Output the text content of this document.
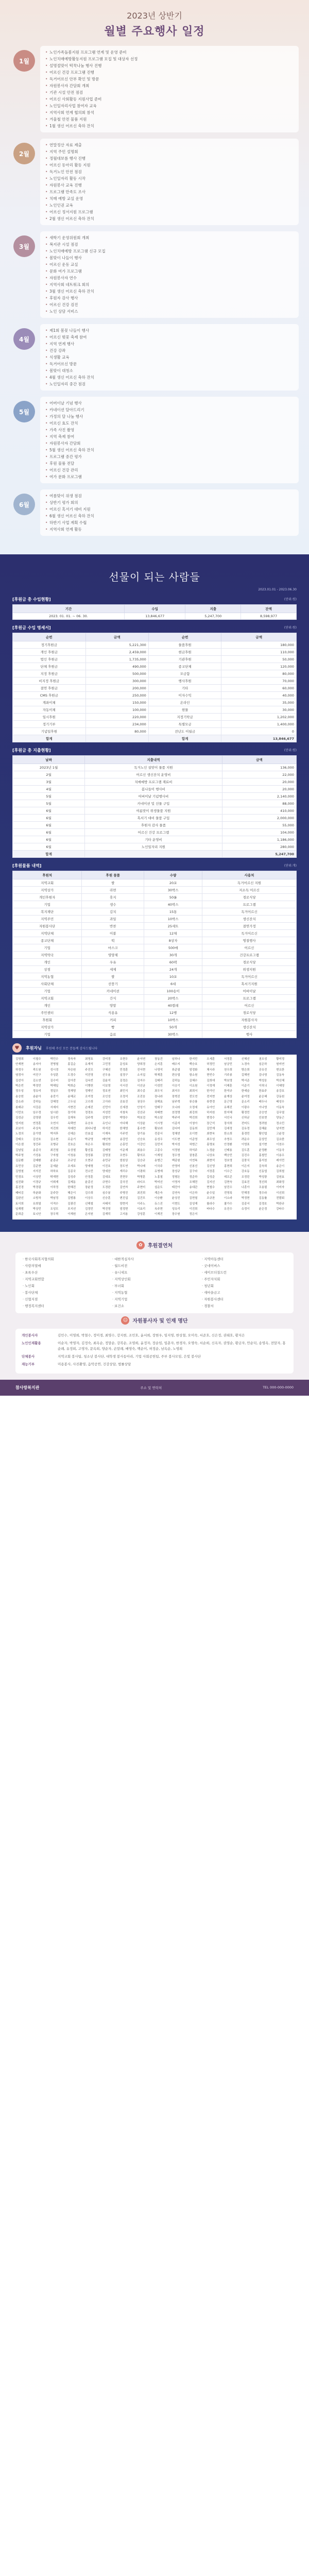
2023년 상반기
월별 주요행사 일정
1월
• 노인가족돌봄지원 프로그램 연계 및 운영 준비
• 노인치매예방활동지원 프로그램 모집 및 대상자 선정
• 설명절맞이 떡꾹나눔 행사 진행
• 어르신 건강 프로그램 진행
• 독거어르신 안부 확인 및 방문
• 자원봉사자 간담회 개최
• 기관 시설 안전 점검
• 어르신 사회활동 지원사업 준비
• 노인일자리사업 참여자 교육
• 지역사회 연계 협의회 참석
• 겨울철 안전 물품 지원
• 1월 생신 어르신 축하 잔치
2월
• 연말정산 자료 제출
• 지역 주민 설명회
• 정월대보름 행사 진행
• 어르신 동아리 활동 지원
• 독거노인 안전 점검
• 노인일자리 활동 시작
• 자원봉사 교육 진행
• 프로그램 만족도 조사
• 치매 예방 교실 운영
• 노인인권 교육
• 어르신 정서지원 프로그램
• 2월 생신 어르신 축하 잔치
3월
• 새학기 운영위원회 개최
• 복지관 시설 점검
• 노인치매예방 프로그램 신규 모집
• 봄맞이 나들이 행사
• 어르신 운동 교실
• 문화 여가 프로그램
• 자원봉사자 연수
• 지역사회 네트워크 회의
• 3월 생신 어르신 축하 잔치
• 후원자 감사 행사
• 어르신 건강 검진
• 노인 상담 서비스
4월
• 제1회 봄꽃 나들이 행사
• 어르신 벚꽃 축제 참여
• 지역 연계 행사
• 건강 강좌
• 식생활 교육
• 독거어르신 방문
• 봄맞이 대청소
• 4월 생신 어르신 축하 잔치
• 노인일자리 중간 점검
5월
• 어버이날 기념 행사
• 카네이션 달아드리기
• 가정의 달 나눔 행사
• 어르신 효도 잔치
• 가족 사진 촬영
• 지역 축제 참여
• 자원봉사자 간담회
• 5월 생신 어르신 축하 잔치
• 프로그램 중간 평가
• 후원 물품 전달
• 어르신 건강 관리
• 여가 문화 프로그램
6월
• 여름맞이 위생 점검
• 상반기 평가 회의
• 어르신 혹서기 대비 지원
• 6월 생신 어르신 축하 잔치
• 하반기 사업 계획 수립
• 지역사회 연계 활동
선물이 되는 사람들
2023.01.01 - 2023.06.30
[후원금 총 수입현황]	(단위:원)
기간	수입	지출	잔액
2023. 01. 01. ~ 06. 30.	13,846,677	5,247,700	8,598,977
[후원금 수입 명세서]	(단위:원)
순번	금액	순번	금액
정기후원금	5,221,300	물품후원	180,000
개인 후원금	2,459,000	현금후원	110,000
법인 후원금	1,735,000	기관후원	50,000
단체 후원금	490,000	종교단체	120,000
지정 후원금	500,000	모금함	80,000
비지정 후원금	300,000	행사후원	70,000
결연 후원금	200,000	기타	60,000
CMS 후원금	250,000	이자수익	40,000
계좌이체	150,000	온라인	35,000
자동이체	100,000	현물	30,000
일시후원	220,000	지정기탁금	1,202,000
정기기부	234,000	특별모금	1,400,000
기념일후원	80,000	전년도 이월금	0
합계		합계	13,846,677
[후원금 총 지출현황]	(단위:원)
날짜	지출내역	금액
2023년 1월	독거노인 설맞이 물품 지원	136,000
2월	어르신 생신잔치 운영비	22,000
3월	치매예방 프로그램 재료비	20,000
4월	봄나들이 행사비	20,000
5월	어버이날 기념행사비	2,140,000
5월	카네이션 및 선물 구입	88,000
6월	여름맞이 위생물품 지원	410,000
6월	혹서기 대비 물품 구입	2,000,000
6월	후원자 감사 물품	55,000
6월	어르신 건강 프로그램	104,000
6월	기타 운영비	1,186,000
6월	노인일자리 지원	280,000
합계		5,247,700
[후원물품 내역]	(단위:개)
후원처	후원 물품	수량	사용처
지역교회	쌀	20포	독거어르신 지원
지역상가	라면	30박스	저소득 어르신
개인후원자	휴지	50롤	경로식당
기업	생수	40박스	프로그램
복지재단	김치	15통	독거어르신
지역주민	과일	10박스	생신잔치
자원봉사단	반찬	25세트	결연가정
지역단체	이불	12채	독거어르신
종교단체	떡	8상자	명절행사
기업	마스크	500매	어르신
지역약국	영양제	30개	건강프로그램
개인	우유	60팩	경로식당
상점	세제	24개	위생지원
지역농협	쌀	10포	독거어르신
사회단체	선풍기	6대	혹서기지원
기업	카네이션	100송이	어버이날
지역교회	간식	20박스	프로그램
개인	양말	40켤레	어르신
주민센터	식용유	12병	경로식당
후원회	커피	10박스	자원봉사자
지역상가	빵	50개	생신잔치
기업	음료	30박스	행사
♥	후원자님 후원해 주신 모든 분들께 감사드립니다
김영희	이철수	박민수	정숙자	최영호	강미경	조현우	윤서연	장동건	임하나	한지민	오세훈	서정훈	신혜선	권오성	황미정
안재현	송지아	전병철	홍길순	유재석	고민정	문성호	양희경	손지훈	배수지	백승호	허정민	남궁민	노경숙	심은하	원미연
하정우	곽도원	성시경	차승원	주진모	구혜선	민경훈	진서현	나영석	류준열	엄정화	채시라	천우희	방은희	공유진	변요한
염정아	여진구	추성훈	도경수	석진영	선우용	설경구	소지섭	탁재훈	편승엽	함소원	현빈수	기주봉	길해연	김나영	김동욱
김선아	김소연	김수미	김아중	김옥빈	김윤석	김정은	김지수	김태리	김하늘	김혜수	김희애	박보영	박서준	박성웅	박신혜
박은빈	박정민	박해일	박희순	이병헌	이보영	이서진	이선균	이성민	이승기	이요원	이정재	이제훈	이준기	이하늬	이혜영
정우성	정유미	정일우	정재영	정해인	정호연	최민식	최수종	최우식	최지우	최희서	한가인	한석규	한예슬	한효주	송강호
송승헌	송윤아	송중기	송혜교	조여정	조인성	조정석	조진웅	장나라	장혁진	전도연	전지현	윤계상	윤여정	윤은혜	강동원
강소라	강하늘	강혜정	고두심	고수희	고아라	공효진	권상우	권해효	남주혁	류승룡	류현경	문근영	문소리	배두나	배성우
봉태규	서강준	서예지	서현진	손예진	신민아	신세경	안성기	엄태구	오나라	오정세	유아인	유해진	이광수	이나영	이동욱
이민호	임수정	임시완	장기하	정경호	지성민	지창욱	진선규	차태현	천정명	최강희	하지원	한지혜	황정민	공승연	김무열
김성균	김영광	김우빈	김재욱	김주혁	김향기	박명수	박보검	박소담	박주미	박진희	변정수	서인국	신하균	안보현	양동근
엄지원	연정훈	오연서	옥택연	유승호	유인나	이다해	이상윤	이시영	이종석	이청아	장근석	장서희	전미도	정려원	정소민
조보아	주상욱	지진희	차예련	최다니엘	하석진	한채영	홍수현	황보라	김다미	김동희	김민재	김세정	김유정	김혜윤	남지현
노정의	문가영	박지후	신예은	안효섭	이재욱	이주빈	장기용	전종서	정채연	조이현	최현욱	한소희	홍경민	황인엽	고윤정
강태오	김선호	김소현	로운기	박규영	배인혁	송강민	신승호	옹성우	이도현	이준영	최우성	추영우	려운수	문상민	김요한
이은샘	정건주	조병규	진호은	차은우	황희찬	손흥민	이강인	김민지	박지성	차범근	홍명보	안정환	이영표	설기현	이천수
김남일	송종국	최진철	유상철	황선홍	김태영	이운재	최용수	고종수	서정원	하석주	노정윤	신태용	김도훈	윤정환	이동국
박주영	기성용	구자철	이청용	정성룡	김영권	조현우	황의조	이재성	정우영	권창훈	나상호	백승민	김진수	홍철민	이용우
김문환	김태환	윤종규	조규성	오현규	송민규	엄원상	김승규	송범근	백종원	이연복	최현석	정호영	김풍식	홍석천	레이먼
유민상	김준현	문세윤	조세호	양세형	이진호	장도연	박나래	이국주	안영미	신봉선	김신영	홍현희	이은지	김숙희	송은이
김영철	지석진	하하호	김종국	전소민	양세찬	개리수	이광희	유병재	장성규	김구라	서장훈	이수근	강호동	신동엽	김희철
민경호	이상민	탁재현	김성주	안정훈	김대호	전현무	박명훈	노홍철	정형돈	정준하	길성준	데프콘	조정린	박성광	김원효
심진화	이경규	이휘재	김제동	윤종신	규현수	김국진	라디오	박미선	이영자	조혜련	김지선	김현숙	김효진	정선희	최화정
홍진경	박경림	이하정	한혜진	장윤정	도경완	김연자	주현미	설운도	태진아	송대관	현철수	남진수	나훈아	조용필	이미자
패티김	하춘화	문주란	혜은이	김수희	심수봉	주병진	최진희	계은숙	김연숙	이은하	윤수일	전영록	민해경	정수라	이선희
김완선	소방차	박남정	김범룡	이상우	신승훈	변진섭	김건모	이승환	윤상진	김현철	조규찬	이소라	박정현	김동률	전람회
토이희	유희열	이적수	김광진	신해철	서태지	양현석	이주노	듀스진	이현도	김성재	룰라수	쿨가수	김종서	김경호	박완규
임재범	박상민	조성모	포지션	김정민	박진영	엄정현	이효리	옥주현	성유리	이진희	바다수	유진수	슈정이	윤은정	강타수
문희준	토니안	장우혁	이재원	은지원	김재덕	고지용	강성훈	이재진	장수원	정은지
✿	후원결연처
· 한국사회복지협의회	· 대한적십자사	· 지역아동센터
· 사랑의열매	· 월드비전	· 굿네이버스
· 초록우산	· 유니세프	· 세이브더칠드런
· 지역교회연합	· 지역상인회	· 주민자치회
· 노인회	· 부녀회	· 청년회
· 봉사단체	· 지역농협	· 새마을금고
· 신협지점	· 지역기업	· 자원봉사센터
· 행정복지센터	· 보건소	· 경찰서
☺ 자원봉사자 및 인재 명단
개인봉사자	김민수, 이영희, 박철수, 정미경, 최영수, 강지현, 조민호, 윤서희, 장현우, 임지영, 한상철, 오미숙, 서준호, 신은정, 권태호, 황지은
노인인재활용	이순자, 박영자, 김정숙, 최옥순, 정말순, 강복순, 조영희, 윤정자, 장순임, 임춘자, 한경자, 오명숙, 서순희, 신옥자, 권영순, 황금자, 안순덕, 송영옥, 전말자, 홍순례, 유정희, 고영자, 문옥희, 양순자, 손말례, 배영숙, 백순이, 허정순, 남옥순, 노영희
단체봉사	지역교회 봉사팀, 청소년 봉사단, 대학생 봉사동아리, 기업 사회공헌팀, 주부 봉사모임, 은빛 봉사단
재능기부	미용봉사, 사진촬영, 음악공연, 건강상담, 법률상담
참사랑복지관	주소 및 연락처	TEL 000-000-0000
